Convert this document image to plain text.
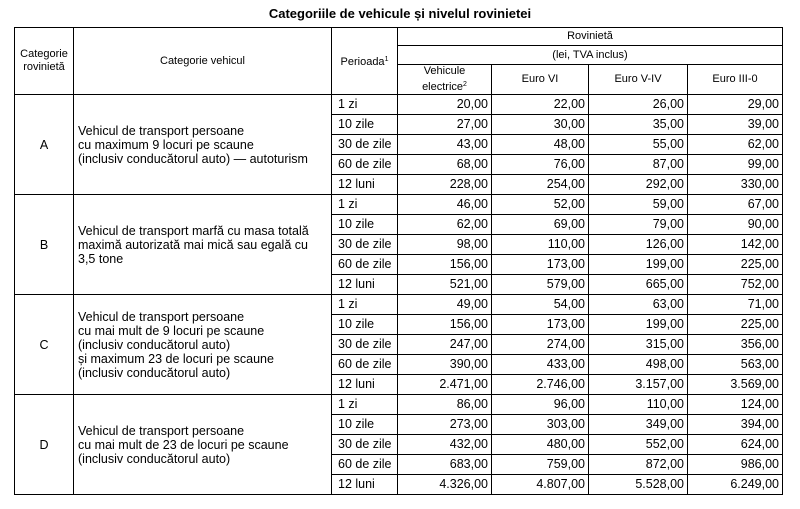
Categoriile de vehicule și nivelul rovinietei
Categorie rovinietă	Categorie vehicul	Perioada$^1$	Rovinietă			
			(lei, TVA inclus)			
			Vehicule electrice$^2$	Euro VI	Euro V-IV	Euro III-0
A	Vehicul de transport persoane
cu maximum 9 locuri pe scaune
(inclusiv conducătorul auto) — autoturism	1 zi	20,00	22,00	26,00	29,00
		10 zile	27,00	30,00	35,00	39,00
		30 de zile	43,00	48,00	55,00	62,00
		60 de zile	68,00	76,00	87,00	99,00
		12 luni	228,00	254,00	292,00	330,00
B	Vehicul de transport marfă cu masa totală
maximă autorizată mai mică sau egală cu
3,5 tone	1 zi	46,00	52,00	59,00	67,00
		10 zile	62,00	69,00	79,00	90,00
		30 de zile	98,00	110,00	126,00	142,00
		60 de zile	156,00	173,00	199,00	225,00
		12 luni	521,00	579,00	665,00	752,00
C	Vehicul de transport persoane
cu mai mult de 9 locuri pe scaune
(inclusiv conducătorul auto)
și maximum 23 de locuri pe scaune
(inclusiv conducătorul auto)	1 zi	49,00	54,00	63,00	71,00
		10 zile	156,00	173,00	199,00	225,00
		30 de zile	247,00	274,00	315,00	356,00
		60 de zile	390,00	433,00	498,00	563,00
		12 luni	2.471,00	2.746,00	3.157,00	3.569,00
D	Vehicul de transport persoane
cu mai mult de 23 de locuri pe scaune
(inclusiv conducătorul auto)	1 zi	86,00	96,00	110,00	124,00
		10 zile	273,00	303,00	349,00	394,00
		30 de zile	432,00	480,00	552,00	624,00
		60 de zile	683,00	759,00	872,00	986,00
		12 luni	4.326,00	4.807,00	5.528,00	6.249,00
